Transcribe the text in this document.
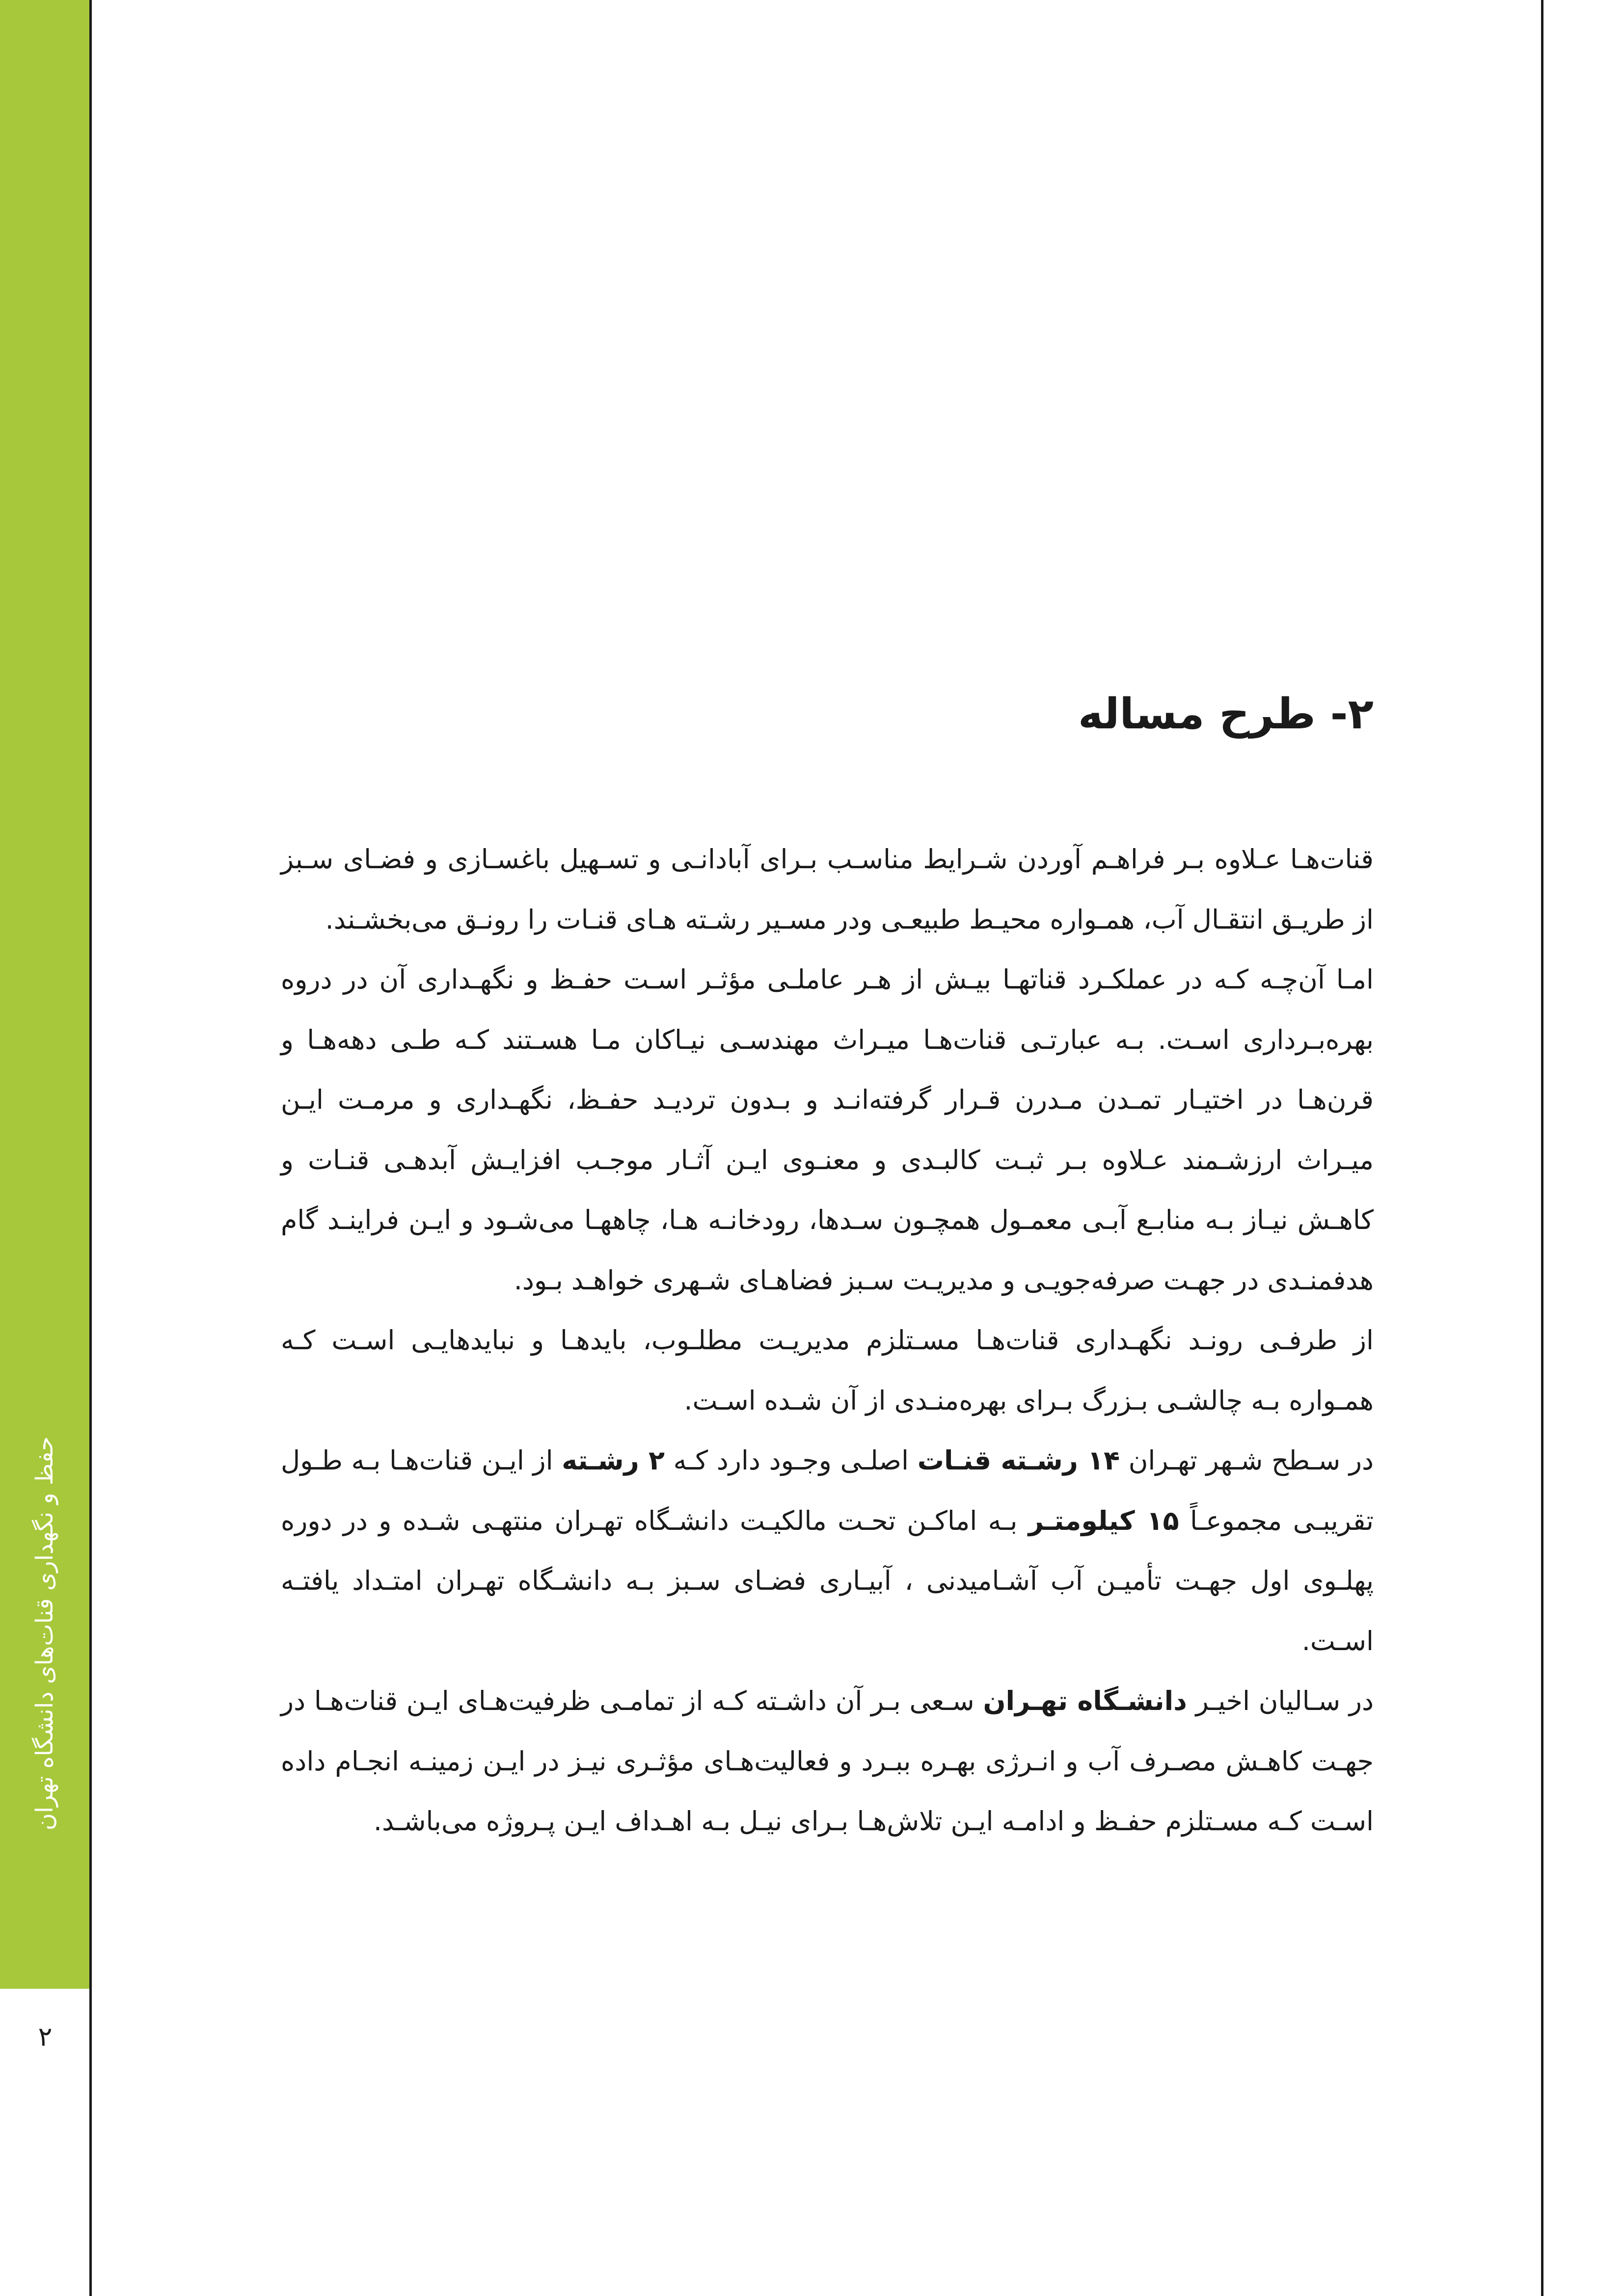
حفظ و نگهداری قنات‌های دانشگاه تهران
۲
۲- طرح مساله

قنات‌هـا عـلاوه بـر فراهـم آوردن شـرایط مناسـب بـرای آبادانـی و تسـهیل باغسـازی و فضـای سـبز از طریـق انتقـال آب، همـواره محیـط طبیعـی ودر مسـیر رشـته هـای قنـات را رونـق می‌بخشـند.

امـا آن‌چـه کـه در عملکـرد قناتهـا بیـش از هـر عاملـی مؤثـر اسـت حفـظ و نگهـداری آن در دروه بهره‌بـرداری اسـت. بـه عبارتـی قنات‌هـا میـراث مهندسـی نیـاکان مـا هسـتند کـه طـی دهه‌هـا و قرن‌هـا در اختیـار تمـدن مـدرن قـرار گرفته‌انـد و بـدون تردیـد حفـظ، نگهـداری و مرمـت ایـن میـراث ارزشـمند عـلاوه بـر ثبـت کالبـدی و معنـوی ایـن آثـار موجـب افزایـش آبدهـی قنـات و کاهـش نیـاز بـه منابـع آبـی معمـول همچـون سـدها، رودخانـه هـا، چاههـا می‌شـود و ایـن فراینـد گام هدفمنـدی در جهـت صرفه‌جویـی و مدیریـت سـبز فضاهـای شـهری خواهـد بـود.

از طرفـی رونـد نگهـداری قنات‌هـا مسـتلزم مدیریـت مطلـوب، بایدهـا و نبایدهایـی اسـت کـه همـواره بـه چالشـی بـزرگ بـرای بهره‌منـدی از آن شـده اسـت.

در سـطح شـهر تهـران ۱۴ رشـته قنـات اصلـی وجـود دارد کـه ۲ رشـته از ایـن قنات‌هـا بـه طـول تقریبـی مجموعـاً ۱۵ کیلومتـر بـه اماکـن تحـت مالکیـت دانشـگاه تهـران منتهـی شـده و در دوره پهلـوی اول جهـت تأمیـن آب آشـامیدنی ، آبیـاری فضـای سـبز بـه دانشـگاه تهـران امتـداد یافتـه اسـت.

در سـالیان اخیـر دانشـگاه تهـران سـعی بـر آن داشـته کـه از تمامـی ظرفیت‌هـای ایـن قنات‌هـا در جهـت کاهـش مصـرف آب و انـرژی بهـره ببـرد و فعالیت‌هـای مؤثـری نیـز در ایـن زمینـه انجـام داده اسـت کـه مسـتلزم حفـظ و ادامـه ایـن تلاش‌هـا بـرای نیـل بـه اهـداف ایـن پـروژه می‌باشـد.
